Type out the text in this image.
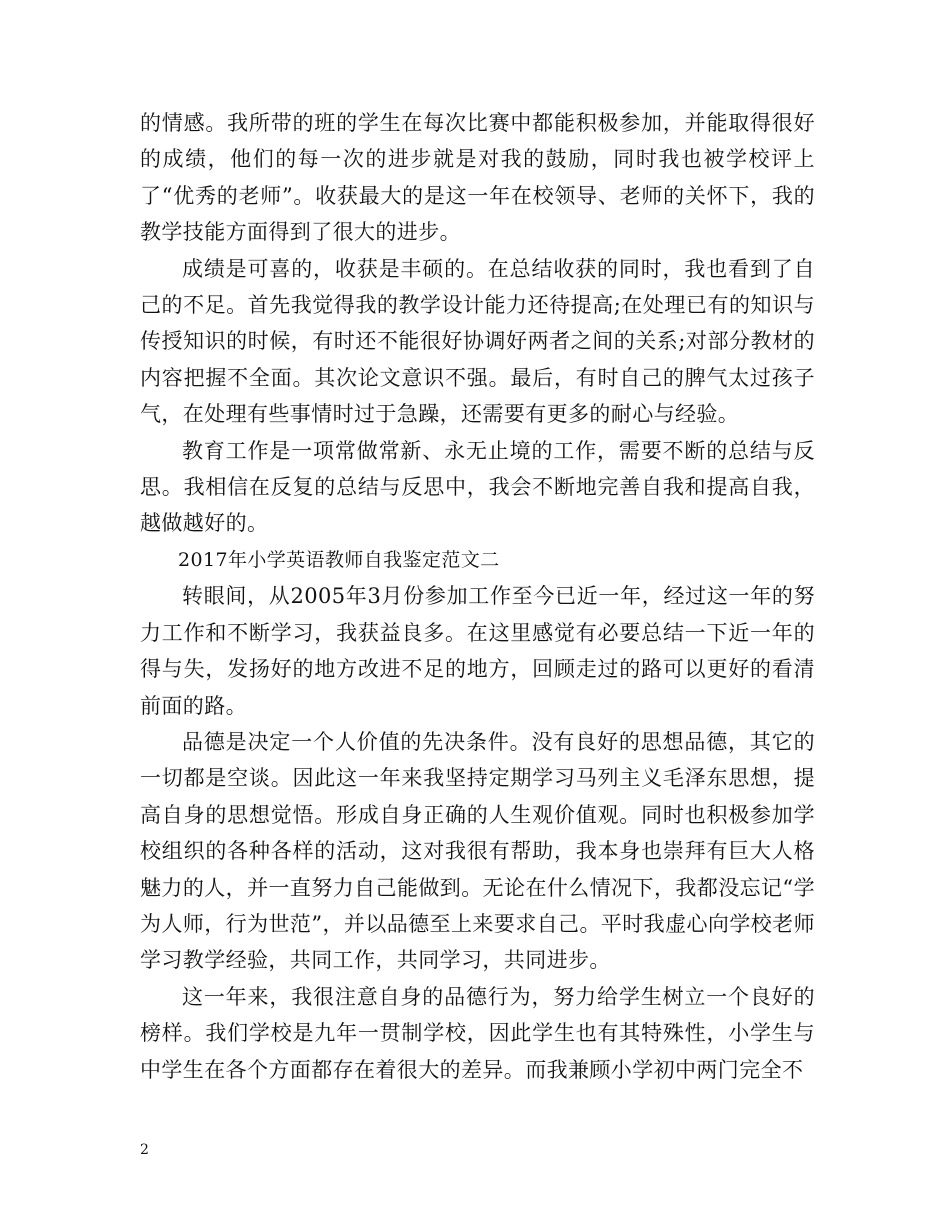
的情感。我所带的班的学生在每次比赛中都能积极参加，并能取得很好的成绩，他们的每一次的进步就是对我的鼓励，同时我也被学校评上了“优秀的老师”。收获最大的是这一年在校领导、老师的关怀下，我的教学技能方面得到了很大的进步。

成绩是可喜的，收获是丰硕的。在总结收获的同时，我也看到了自己的不足。首先我觉得我的教学设计能力还待提高;在处理已有的知识与传授知识的时候，有时还不能很好协调好两者之间的关系;对部分教材的内容把握不全面。其次论文意识不强。最后，有时自己的脾气太过孩子气，在处理有些事情时过于急躁，还需要有更多的耐心与经验。

教育工作是一项常做常新、永无止境的工作，需要不断的总结与反思。我相信在反复的总结与反思中，我会不断地完善自我和提高自我，越做越好的。

2017年小学英语教师自我鉴定范文二

转眼间，从2005年3月份参加工作至今已近一年，经过这一年的努力工作和不断学习，我获益良多。在这里感觉有必要总结一下近一年的得与失，发扬好的地方改进不足的地方，回顾走过的路可以更好的看清前面的路。

品德是决定一个人价值的先决条件。没有良好的思想品德，其它的一切都是空谈。因此这一年来我坚持定期学习马列主义毛泽东思想，提高自身的思想觉悟。形成自身正确的人生观价值观。同时也积极参加学校组织的各种各样的活动，这对我很有帮助，我本身也崇拜有巨大人格魅力的人，并一直努力自己能做到。无论在什么情况下，我都没忘记“学为人师，行为世范”，并以品德至上来要求自己。平时我虚心向学校老师学习教学经验，共同工作，共同学习，共同进步。

这一年来，我很注意自身的品德行为，努力给学生树立一个良好的榜样。我们学校是九年一贯制学校，因此学生也有其特殊性，小学生与中学生在各个方面都存在着很大的差异。而我兼顾小学初中两门完全不

2
